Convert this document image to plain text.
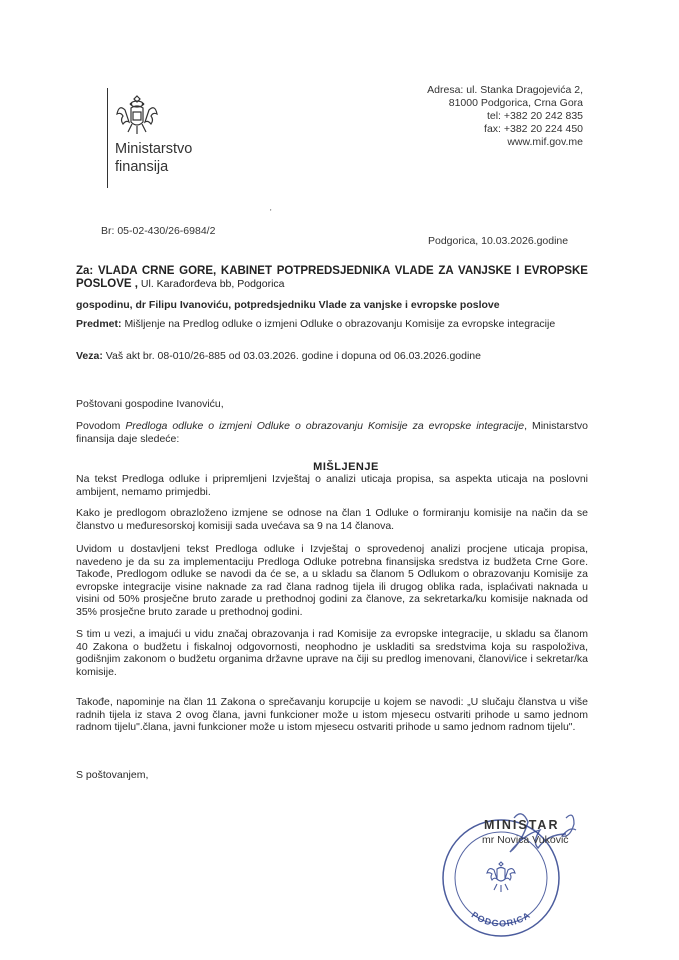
Ministarstvo
finansija
Adresa: ul. Stanka Dragojevića 2,
81000 Podgorica, Crna Gora
tel: +382 20 242 835
fax: +382 20 224 450
www.mif.gov.me
Br: 05-02-430/26-6984/2
'
Podgorica, 10.03.2026.godine
Za: VLADA CRNE GORE, KABINET POTPREDSJEDNIKA VLADE ZA VANJSKE I EVROPSKE POSLOVE , Ul. Karađorđeva bb, Podgorica
gospodinu, dr Filipu Ivanoviću, potpredsjedniku Vlade za vanjske i evropske poslove
Predmet: Mišljenje na Predlog odluke o izmjeni Odluke o obrazovanju Komisije za evropske integracije
Veza: Vaš akt br. 08-010/26-885 od 03.03.2026. godine i dopuna od 06.03.2026.godine
Poštovani gospodine Ivanoviću,
Povodom Predloga odluke o izmjeni Odluke o obrazovanju Komisije za evropske integracije, Ministarstvo finansija daje sledeće:
MIŠLJENJE
Na tekst Predloga odluke i pripremljeni Izvještaj o analizi uticaja propisa, sa aspekta uticaja na poslovni ambijent, nemamo primjedbi.
Kako je predlogom obrazloženo izmjene se odnose na član 1 Odluke o formiranju komisije na način da se članstvo u međuresorskoj komisiji sada uvećava sa 9 na 14 članova.
Uvidom u dostavljeni tekst Predloga odluke i Izvještaj o sprovedenoj analizi procjene uticaja propisa, navedeno je da su za implementaciju Predloga Odluke potrebna finansijska sredstva iz budžeta Crne Gore. Takođe, Predlogom odluke se navodi da će se, a u skladu sa članom 5 Odlukom o obrazovanju Komisije za evropske integracije visine naknade za rad člana radnog tijela ili drugog oblika rada, isplaćivati naknada u visini od 50% prosječne bruto zarade u prethodnoj godini za članove, za sekretarka/ku komisije naknada od 35% prosječne bruto zarade u prethodnoj godini.
S tim u vezi, a imajući u vidu značaj obrazovanja i rad Komisije za evropske integracije, u skladu sa članom 40 Zakona o budžetu i fiskalnoj odgovornosti, neophodno je uskladiti sa sredstvima koja su raspoloživa, godišnjim zakonom o budžetu organima državne uprave na čiji su predlog imenovani, članovi/ice i sekretar/ka komisije.
Takođe, napominje na član 11 Zakona o sprečavanju korupcije u kojem se navodi: „U slučaju članstva u više radnih tijela iz stava 2 ovog člana, javni funkcioner može u istom mjesecu ostvariti prihode u samo jednom radnom tijelu".člana, javni funkcioner može u istom mjesecu ostvariti prihode u samo jednom radnom tijelu".
S poštovanjem,
PODGORICA
MINISTAR
mr Novica Vuković
